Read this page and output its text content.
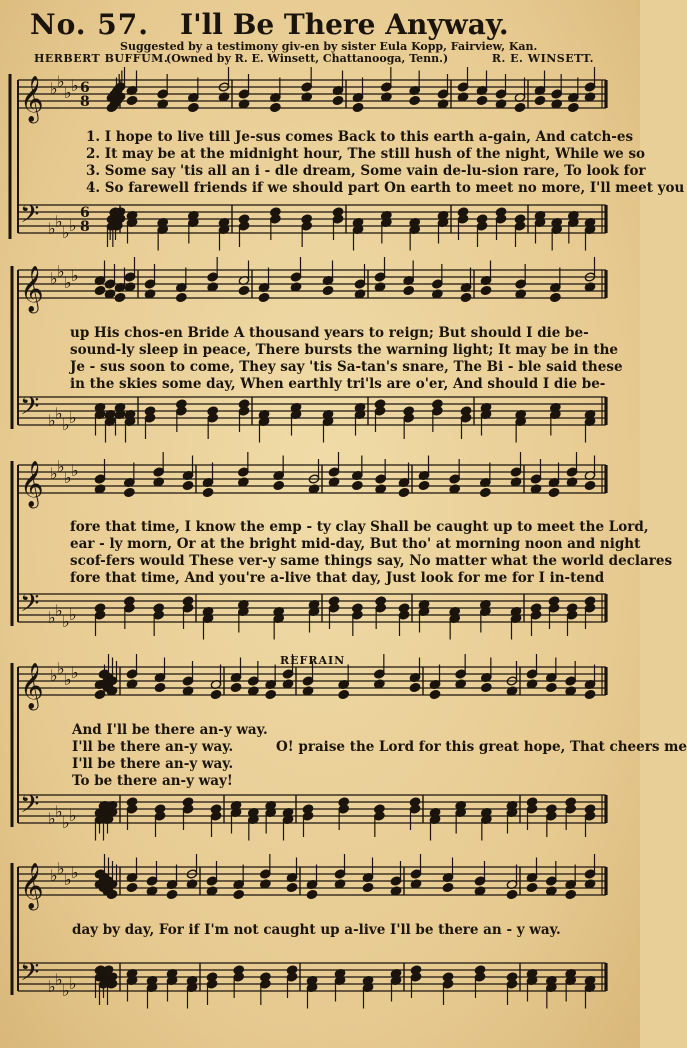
No. 57. I'll Be There Anyway.
Suggested by a testimony giv-en by sister Eula Kopp, Fairview, Kan.
HERBERT BUFFUM.
(Owned by R. E. Winsett, Chattanooga, Tenn.)	R. E. WINSETT.
𝄞
𝄢
♭ ♭
♭ ♭
♭ ♭
♭ ♭
6
8
6
8
𝄞
𝄢
♭ ♭
♭ ♭
♭ ♭
♭ ♭
𝄞
𝄢
♭ ♭
♭ ♭
♭ ♭
♭ ♭
𝄞
𝄢
♭ ♭
♭ ♭
♭ ♭
♭ ♭
𝄞
𝄢
♭ ♭
♭ ♭
♭ ♭
♭ ♭
1. I hope to live till Je-sus comes Back to this earth a-gain, And catch-es
2. It may be at the midnight hour, The still hush of the night, While we so
3. Some say 'tis all an i - dle dream, Some vain de-lu-sion rare, To look for
4. So farewell friends if we should part On earth to meet no more, I'll meet you
up His chos-en Bride A thousand years to reign; But should I die be-
sound-ly sleep in peace, There bursts the warning light; It may be in the
Je - sus soon to come, They say 'tis Sa-tan's snare, The Bi - ble said these
in the skies some day, When earthly tri'ls are o'er, And should I die be-
fore that time, I know the emp - ty clay Shall be caught up to meet the Lord,
ear - ly morn, Or at the bright mid-day, But tho' at morning noon and night
scof-fers would These ver-y same things say, No matter what the world declares
fore that time, And you're a-live that day, Just look for me for I in-tend
REFRAIN
And I'll be there an-y way.
I'll be there an-y way.
I'll be there an-y way.
To be there an-y way!
O! praise the Lord for this great hope, That cheers me
day by day, For if I'm not caught up a-live I'll be there an - y way.
